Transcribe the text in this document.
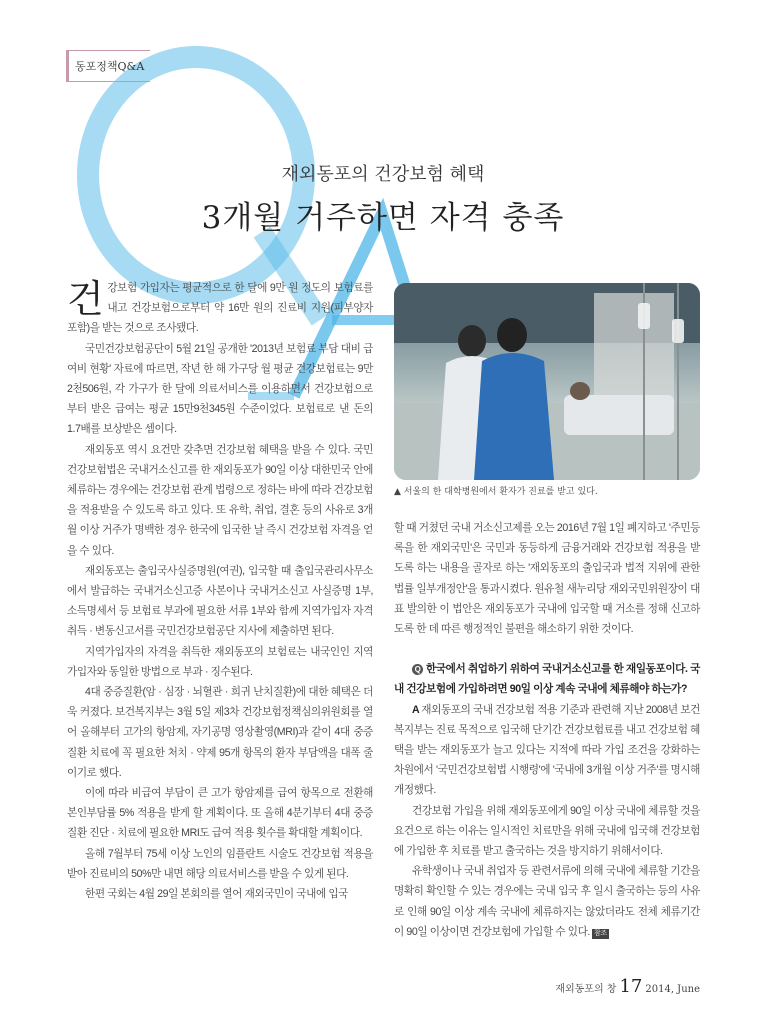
동포정책Q&A
재외동포의 건강보험 혜택
3개월 거주하면 자격 충족

건강보험 가입자는 평균적으로 한 달에 9만 원 정도의 보험료를 내고 건강보험으로부터 약 16만 원의 진료비 지원(피부양자 포함)을 받는 것으로 조사됐다.

국민건강보험공단이 5월 21일 공개한 '2013년 보험료 부담 대비 급여비 현황' 자료에 따르면, 작년 한 해 가구당 월 평균 건강보험료는 9만2천506원, 각 가구가 한 달에 의료서비스를 이용하면서 건강보험으로부터 받은 급여는 평균 15만9천345원 수준이었다. 보험료로 낸 돈의 1.7배를 보상받은 셈이다.

재외동포 역시 요건만 갖추면 건강보험 혜택을 받을 수 있다. 국민건강보험법은 국내거소신고를 한 재외동포가 90일 이상 대한민국 안에 체류하는 경우에는 건강보험 관계 법령으로 정하는 바에 따라 건강보험을 적용받을 수 있도록 하고 있다. 또 유학, 취업, 결혼 등의 사유로 3개월 이상 거주가 명백한 경우 한국에 입국한 날 즉시 건강보험 자격을 얻을 수 있다.

재외동포는 출입국사실증명원(여권), 입국할 때 출입국관리사무소에서 발급하는 국내거소신고증 사본이나 국내거소신고 사실증명 1부, 소득명세서 등 보험료 부과에 필요한 서류 1부와 함께 지역가입자 자격취득 · 변동신고서를 국민건강보험공단 지사에 제출하면 된다.

지역가입자의 자격을 취득한 재외동포의 보험료는 내국인인 지역가입자와 동일한 방법으로 부과 · 징수된다.

4대 중증질환(암 · 심장 · 뇌혈관 · 희귀 난치질환)에 대한 혜택은 더욱 커졌다. 보건복지부는 3월 5일 제3차 건강보험정책심의위원회를 열어 올해부터 고가의 항암제, 자기공명 영상촬영(MRI)과 같이 4대 중증질환 치료에 꼭 필요한 처치 · 약제 95개 항목의 환자 부담액을 대폭 줄이기로 했다.

이에 따라 비급여 부담이 큰 고가 항암제를 급여 항목으로 전환해 본인부담률 5% 적용을 받게 할 계획이다. 또 올해 4분기부터 4대 중증질환 진단 · 치료에 필요한 MRI도 급여 적용 횟수를 확대할 계획이다.

올해 7월부터 75세 이상 노인의 임플란트 시술도 건강보험 적용을 받아 진료비의 50%만 내면 해당 의료서비스를 받을 수 있게 된다.

한편 국회는 4월 29일 본회의를 열어 재외국민이 국내에 입국

▲ 서울의 한 대학병원에서 환자가 진료를 받고 있다.

할 때 거쳤던 국내 거소신고제를 오는 2016년 7월 1일 폐지하고 '주민등록을 한 재외국민'은 국민과 동등하게 금융거래와 건강보험 적용을 받도록 하는 내용을 골자로 하는 '재외동포의 출입국과 법적 지위에 관한 법률 일부개정안'을 통과시켰다. 원유철 새누리당 재외국민위원장이 대표 발의한 이 법안은 재외동포가 국내에 입국할 때 거소를 정해 신고하도록 한 데 따른 행정적인 불편을 해소하기 위한 것이다.

Q 한국에서 취업하기 위하여 국내거소신고를 한 재일동포이다. 국내 건강보험에 가입하려면 90일 이상 계속 국내에 체류해야 하는가?

A 재외동포의 국내 건강보험 적용 기준과 관련해 지난 2008년 보건복지부는 진료 목적으로 입국해 단기간 건강보험료를 내고 건강보험 혜택을 받는 재외동포가 늘고 있다는 지적에 따라 가입 조건을 강화하는 차원에서 '국민건강보험법 시행령'에 '국내에 3개월 이상 거주'를 명시해 개정했다.

건강보험 가입을 위해 재외동포에게 90일 이상 국내에 체류할 것을 요건으로 하는 이유는 일시적인 치료만을 위해 국내에 입국해 건강보험에 가입한 후 치료를 받고 출국하는 것을 방지하기 위해서이다.

유학생이나 국내 취업자 등 관련서류에 의해 국내에 체류할 기간을 명확히 확인할 수 있는 경우에는 국내 입국 후 일시 출국하는 등의 사유로 인해 90일 이상 계속 국내에 체류하지는 않았더라도 전체 체류기간이 90일 이상이면 건강보험에 가입할 수 있다. 참조

재외동포의 창 17 2014, June
